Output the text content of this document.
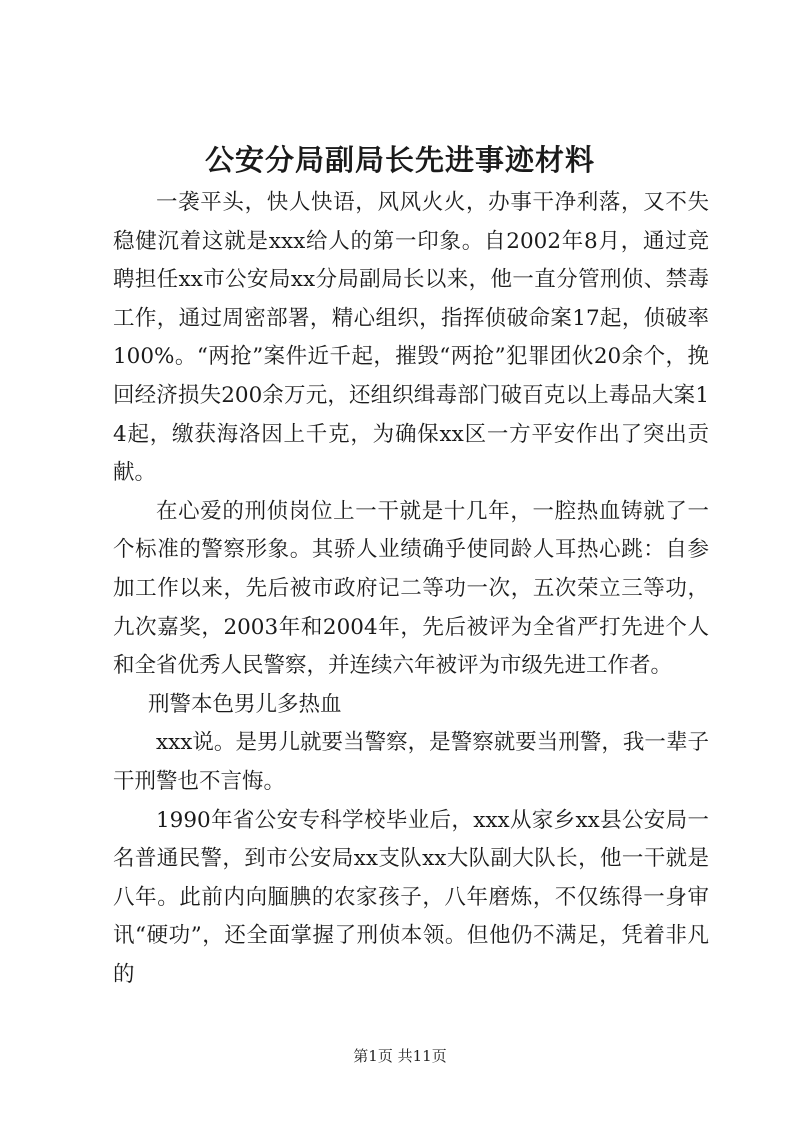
公安分局副局长先进事迹材料

一袭平头，快人快语，风风火火，办事干净利落，又不失稳健沉着这就是xxx给人的第一印象。自2002年8月，通过竞聘担任xx市公安局xx分局副局长以来，他一直分管刑侦、禁毒工作，通过周密部署，精心组织，指挥侦破命案17起，侦破率100%。“两抢”案件近千起，摧毁“两抢”犯罪团伙20余个，挽回经济损失200余万元，还组织缉毒部门破百克以上毒品大案14起，缴获海洛因上千克，为确保xx区一方平安作出了突出贡献。

在心爱的刑侦岗位上一干就是十几年，一腔热血铸就了一个标准的警察形象。其骄人业绩确乎使同龄人耳热心跳：自参加工作以来，先后被市政府记二等功一次，五次荣立三等功，九次嘉奖，2003年和2004年，先后被评为全省严打先进个人和全省优秀人民警察，并连续六年被评为市级先进工作者。

刑警本色男儿多热血

xxx说。是男儿就要当警察，是警察就要当刑警，我一辈子干刑警也不言悔。

1990年省公安专科学校毕业后，xxx从家乡xx县公安局一名普通民警，到市公安局xx支队xx大队副大队长，他一干就是八年。此前内向腼腆的农家孩子，八年磨炼，不仅练得一身审讯“硬功”，还全面掌握了刑侦本领。但他仍不满足，凭着非凡的

第1页 共11页
